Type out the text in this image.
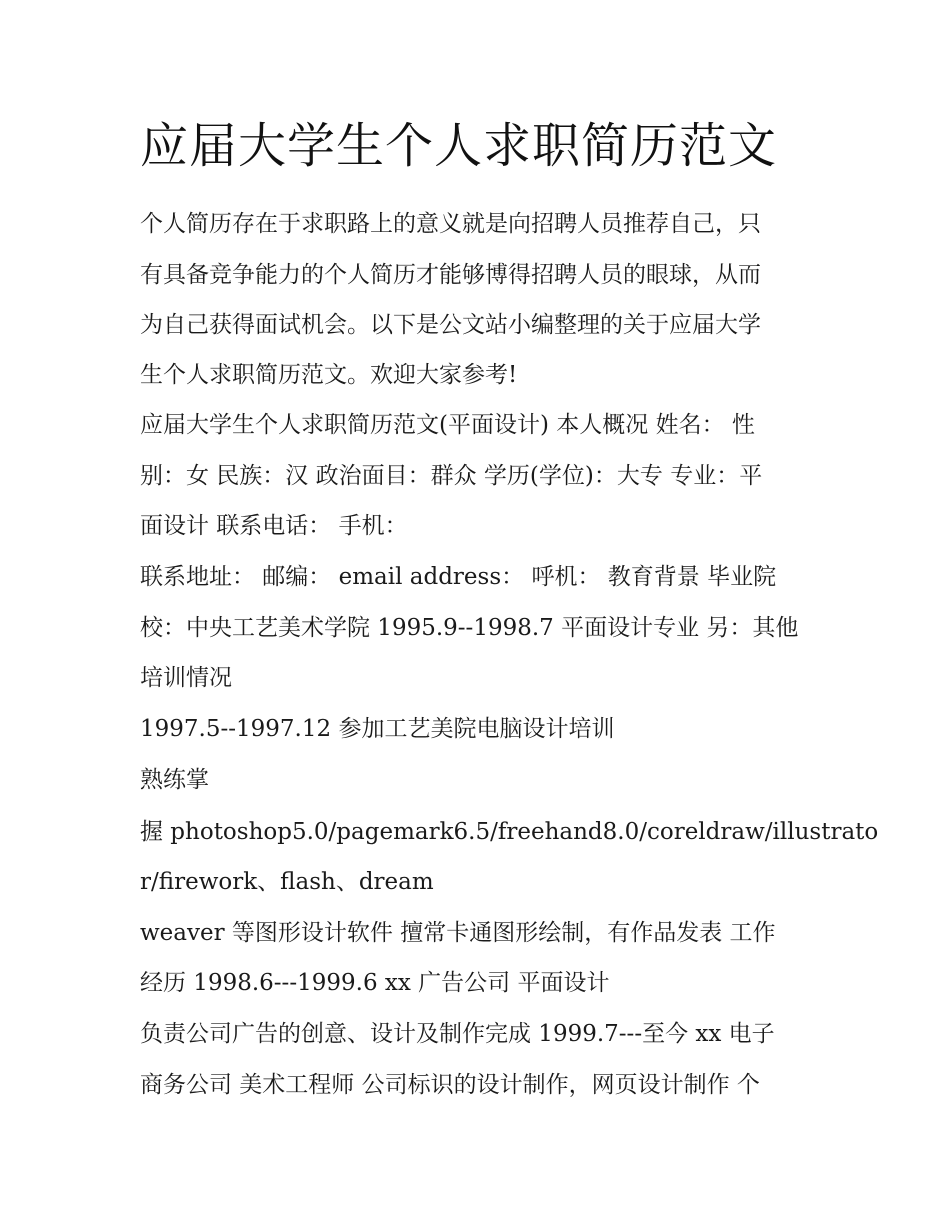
应届大学生个人求职简历范文

个人简历存在于求职路上的意义就是向招聘人员推荐自己，只

有具备竞争能力的个人简历才能够博得招聘人员的眼球，从而

为自己获得面试机会。以下是公文站小编整理的关于应届大学

生个人求职简历范文。欢迎大家参考!

应届大学生个人求职简历范文(平面设计) 本人概况 姓名： 性

别：女 民族：汉 政治面目：群众 学历(学位)：大专 专业：平

面设计 联系电话： 手机：

联系地址： 邮编： email address： 呼机： 教育背景 毕业院

校：中央工艺美术学院 1995.9--1998.7 平面设计专业 另：其他

培训情况

1997.5--1997.12 参加工艺美院电脑设计培训

熟练掌

握 photoshop5.0/pagemark6.5/freehand8.0/coreldraw/illustrato

r/firework、flash、dream

weaver 等图形设计软件 擅常卡通图形绘制，有作品发表 工作

经历 1998.6---1999.6 xx 广告公司 平面设计

负责公司广告的创意、设计及制作完成 1999.7---至今 xx 电子

商务公司 美术工程师 公司标识的设计制作，网页设计制作 个
